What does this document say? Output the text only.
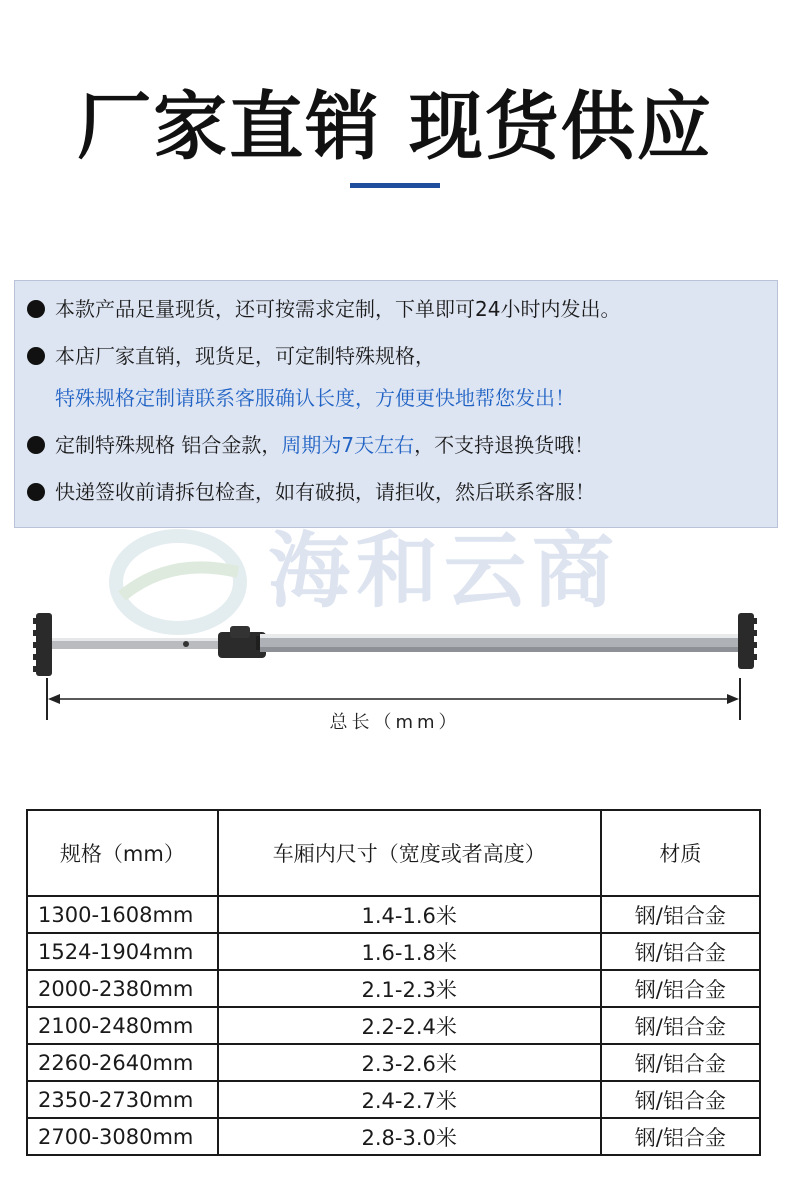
厂家直销 现货供应
本款产品足量现货，还可按需求定制，下单即可24小时内发出。
本店厂家直销，现货足，可定制特殊规格，
特殊规格定制请联系客服确认长度，方便更快地帮您发出！
定制特殊规格 铝合金款，周期为7天左右，不支持退换货哦！
快递签收前请拆包检查，如有破损，请拒收，然后联系客服！
海和云商
总长（mm）
规格（mm）	车厢内尺寸（宽度或者高度）	材质
1300-1608mm	1.4-1.6米	钢/铝合金
1524-1904mm	1.6-1.8米	钢/铝合金
2000-2380mm	2.1-2.3米	钢/铝合金
2100-2480mm	2.2-2.4米	钢/铝合金
2260-2640mm	2.3-2.6米	钢/铝合金
2350-2730mm	2.4-2.7米	钢/铝合金
2700-3080mm	2.8-3.0米	钢/铝合金
